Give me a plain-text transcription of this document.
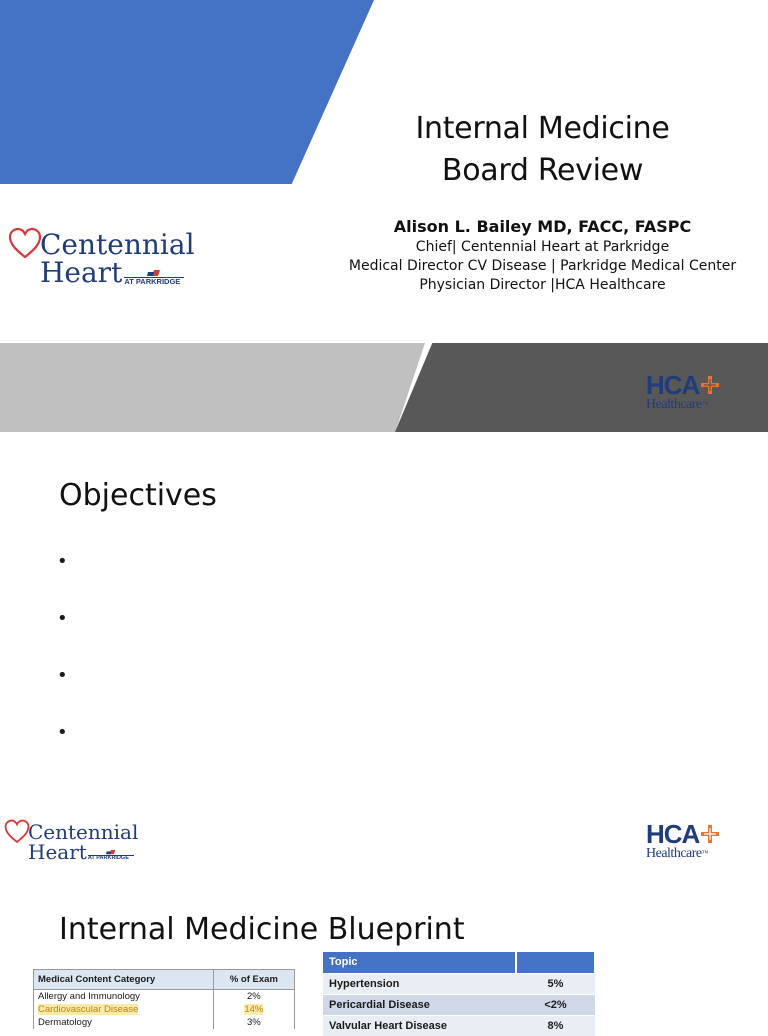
Internal Medicine
Board Review
Alison L. Bailey MD, FACC, FASPC
Chief| Centennial Heart at Parkridge
Medical Director CV Disease | Parkridge Medical Center
Physician Director |HCA Healthcare
Centennial
Heart AT PARKRIDGE
HCA
Healthcare™
Objectives
•
•
•
•
Centennial
Heart AT PARKRIDGE
HCA
Healthcare™
Internal Medicine Blueprint
Medical Content Category	% of Exam
Allergy and Immunology	2%
Cardiovascular Disease	14%
Dermatology	3%
Topic	
Hypertension	5%
Pericardial Disease	<2%
Valvular Heart Disease	8%
